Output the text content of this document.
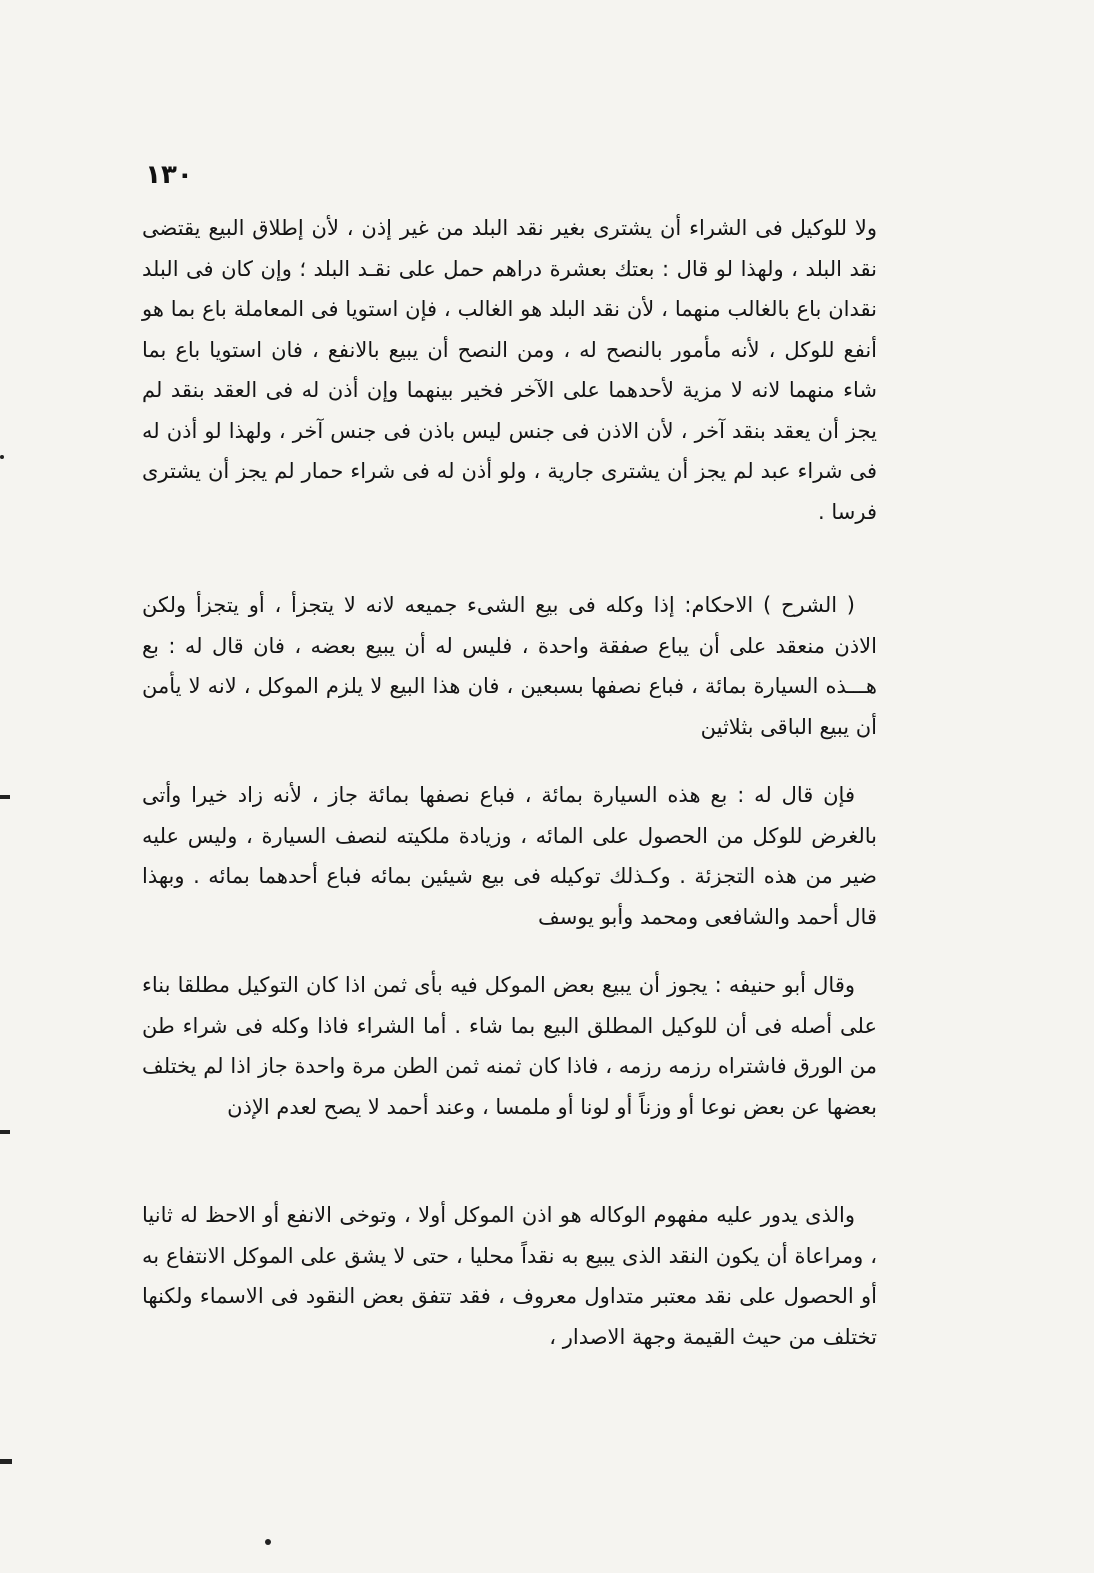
١٣٠

ولا للوكيل فى الشراء أن يشترى بغير نقد البلد من غير إذن ، لأن إطلاق البيع يقتضى نقد البلد ، ولهذا لو قال : بعتك بعشرة دراهم حمل على نقـد البلد ؛ وإن كان فى البلد نقدان باع بالغالب منهما ، لأن نقد البلد هو الغالب ، فإن استويا فى المعاملة باع بما هو أنفع للوكل ، لأنه مأمور بالنصح له ، ومن النصح أن يبيع بالانفع ، فان استويا باع بما شاء منهما لانه لا مزية لأحدهما على الآخر فخير بينهما وإن أذن له فى العقد بنقد لم يجز أن يعقد بنقد آخر ، لأن الاذن فى جنس ليس باذن فى جنس آخر ، ولهذا لو أذن له فى شراء عبد لم يجز أن يشترى جارية ، ولو أذن له فى شراء حمار لم يجز أن يشترى فرسا .

( الشرح ) الاحكام: إذا وكله فى بيع الشىء جميعه لانه لا يتجزأ ، أو يتجزأ ولكن الاذن منعقد على أن يباع صفقة واحدة ، فليس له أن يبيع بعضه ، فان قال له : بع هـــذه السيارة بمائة ، فباع نصفها بسبعين ، فان هذا البيع لا يلزم الموكل ، لانه لا يأمن أن يبيع الباقى بثلاثين

فإن قال له : بع هذه السيارة بمائة ، فباع نصفها بمائة جاز ، لأنه زاد خيرا وأتى بالغرض للوكل من الحصول على المائه ، وزيادة ملكيته لنصف السيارة ، وليس عليه ضير من هذه التجزئة . وكـذلك توكيله فى بيع شيئين بمائه فباع أحدهما بمائه . وبهذا قال أحمد والشافعى ومحمد وأبو يوسف

وقال أبو حنيفه : يجوز أن يبيع بعض الموكل فيه بأى ثمن اذا كان التوكيل مطلقا بناء على أصله فى أن للوكيل المطلق البيع بما شاء . أما الشراء فاذا وكله فى شراء طن من الورق فاشتراه رزمه رزمه ، فاذا كان ثمنه ثمن الطن مرة واحدة جاز اذا لم يختلف بعضها عن بعض نوعا أو وزناً أو لونا أو ملمسا ، وعند أحمد لا يصح لعدم الإذن

والذى يدور عليه مفهوم الوكاله هو اذن الموكل أولا ، وتوخى الانفع أو الاحظ له ثانيا ، ومراعاة أن يكون النقد الذى يبيع به نقداً محليا ، حتى لا يشق على الموكل الانتفاع به أو الحصول على نقد معتبر متداول معروف ، فقد تتفق بعض النقود فى الاسماء ولكنها تختلف من حيث القيمة وجهة الاصدار ،
